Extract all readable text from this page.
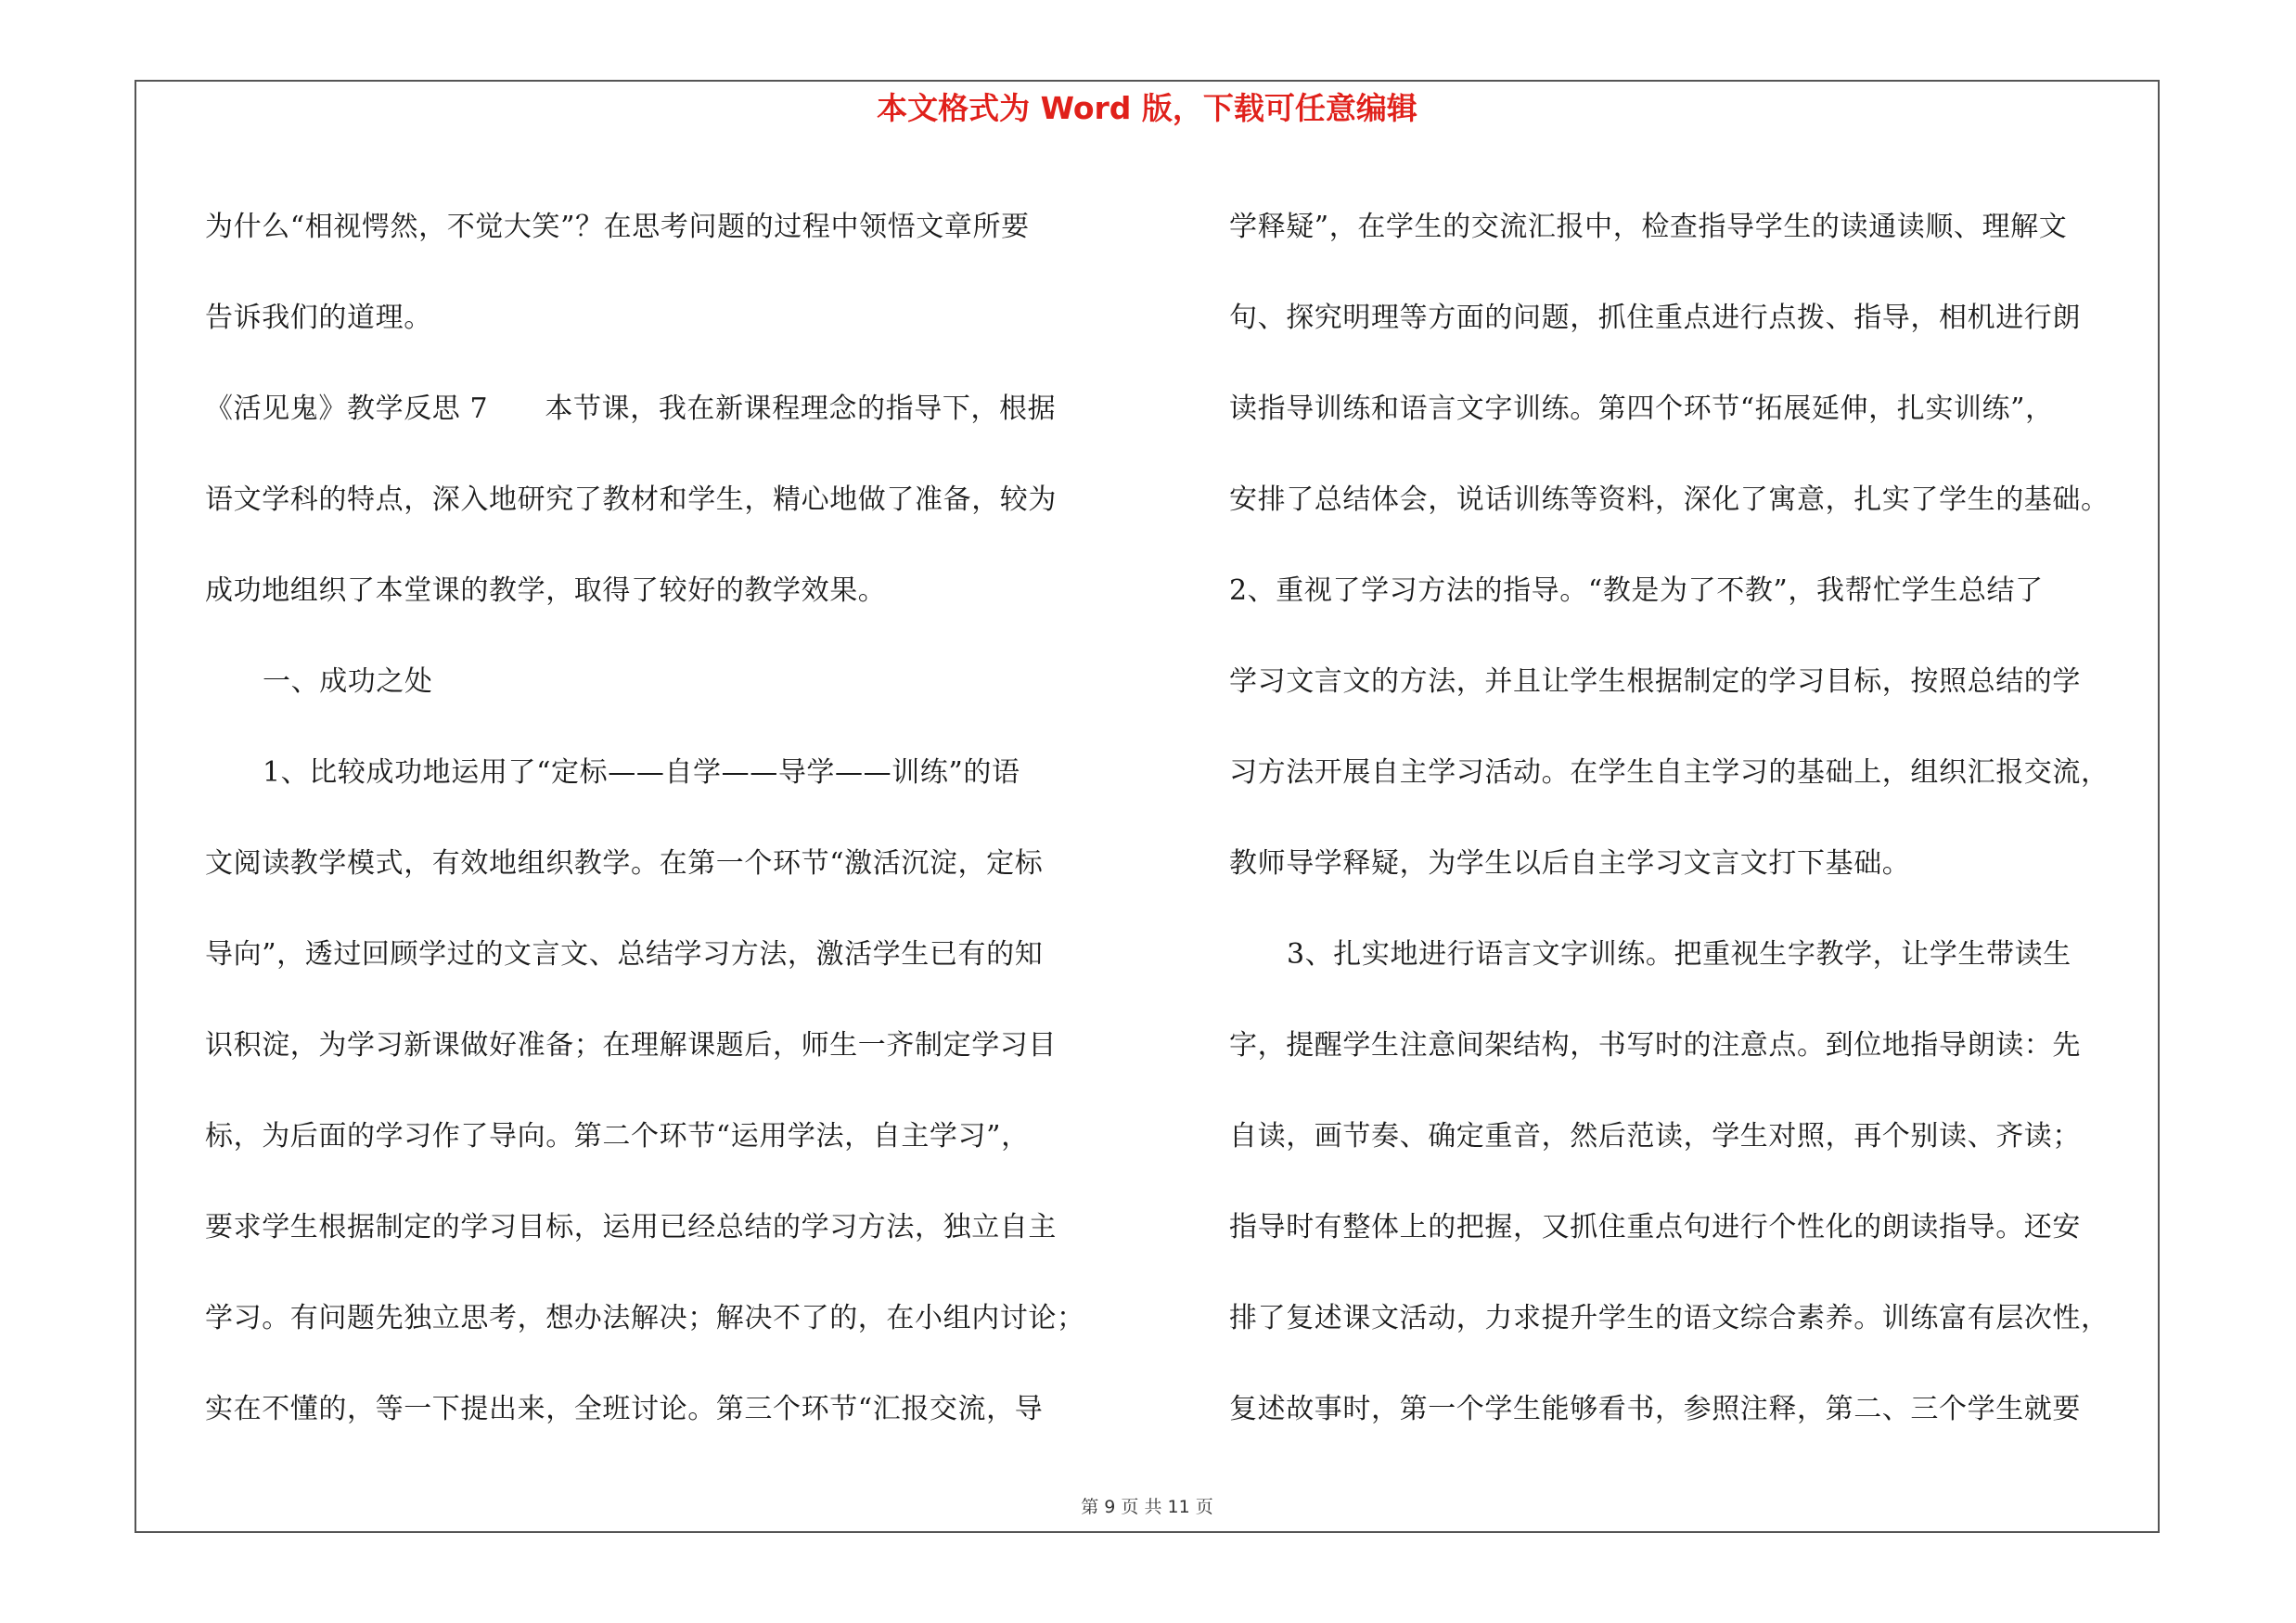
本文格式为 Word 版，下载可任意编辑
为什么“相视愕然，不觉大笑”？在思考问题的过程中领悟文章所要
告诉我们的道理。
《活见鬼》教学反思 7　　本节课，我在新课程理念的指导下，根据
语文学科的特点，深入地研究了教材和学生，精心地做了准备，较为
成功地组织了本堂课的教学，取得了较好的教学效果。
一、成功之处
1、比较成功地运用了“定标——自学——导学——训练”的语
文阅读教学模式，有效地组织教学。在第一个环节“激活沉淀，定标
导向”，透过回顾学过的文言文、总结学习方法，激活学生已有的知
识积淀，为学习新课做好准备；在理解课题后，师生一齐制定学习目
标，为后面的学习作了导向。第二个环节“运用学法，自主学习”，
要求学生根据制定的学习目标，运用已经总结的学习方法，独立自主
学习。有问题先独立思考，想办法解决；解决不了的，在小组内讨论；
实在不懂的，等一下提出来，全班讨论。第三个环节“汇报交流，导
学释疑”，在学生的交流汇报中，检查指导学生的读通读顺、理解文
句、探究明理等方面的问题，抓住重点进行点拨、指导，相机进行朗
读指导训练和语言文字训练。第四个环节“拓展延伸，扎实训练”，
安排了总结体会，说话训练等资料，深化了寓意，扎实了学生的基础。
2、重视了学习方法的指导。“教是为了不教”，我帮忙学生总结了
学习文言文的方法，并且让学生根据制定的学习目标，按照总结的学
习方法开展自主学习活动。在学生自主学习的基础上，组织汇报交流，
教师导学释疑，为学生以后自主学习文言文打下基础。
3、扎实地进行语言文字训练。把重视生字教学，让学生带读生
字，提醒学生注意间架结构，书写时的注意点。到位地指导朗读：先
自读，画节奏、确定重音，然后范读，学生对照，再个别读、齐读；
指导时有整体上的把握，又抓住重点句进行个性化的朗读指导。还安
排了复述课文活动，力求提升学生的语文综合素养。训练富有层次性，
复述故事时，第一个学生能够看书，参照注释，第二、三个学生就要
第 9 页 共 11 页
